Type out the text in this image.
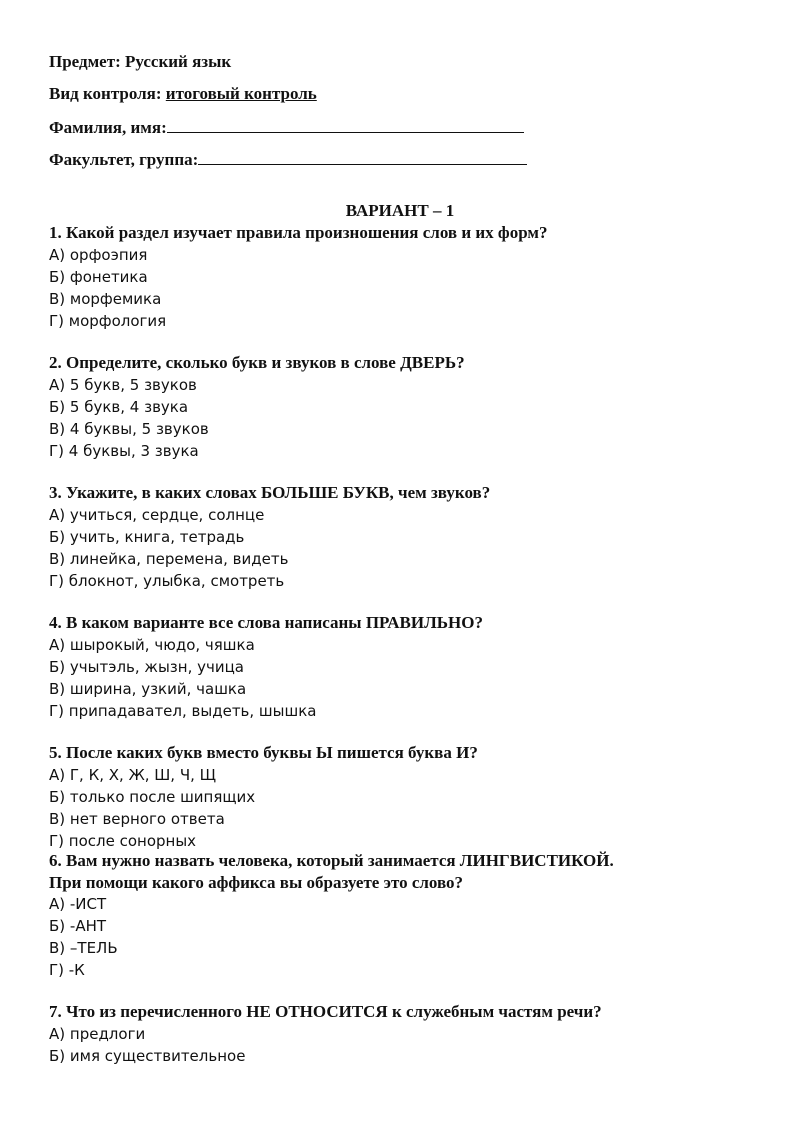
Предмет: Русский язык
Вид контроля: итоговый контроль
Фамилия, имя:
Факультет, группа:
ВАРИАНТ – 1
1. Какой раздел изучает правила произношения слов и их форм?
А) орфоэпия
Б) фонетика
В) морфемика
Г) морфология
2. Определите, сколько букв и звуков в слове ДВЕРЬ?
А) 5 букв, 5 звуков
Б) 5 букв, 4 звука
В) 4 буквы, 5 звуков
Г) 4 буквы, 3 звука
3. Укажите, в каких словах БОЛЬШЕ БУКВ, чем звуков?
А) учиться, сердце, солнце
Б) учить, книга, тетрадь
В) линейка, перемена, видеть
Г) блокнот, улыбка, смотреть
4. В каком варианте все слова написаны ПРАВИЛЬНО?
А) шырокый, чюдо, чяшка
Б) учытэль, жызн, учица
В) ширина, узкий, чашка
Г) припадавател, выдеть, шышка
5. После каких букв вместо буквы Ы пишется буква И?
А) Г, К, Х, Ж, Ш, Ч, Щ
Б) только после шипящих
В) нет верного ответа
Г) после сонорных
6. Вам нужно назвать человека, который занимается ЛИНГВИСТИКОЙ.
При помощи какого аффикса вы образуете это слово?
А) -ИСТ
Б) -АНТ
В) –ТЕЛЬ
Г) -К
7. Что из перечисленного НЕ ОТНОСИТСЯ к служебным частям речи?
А) предлоги
Б) имя существительное
